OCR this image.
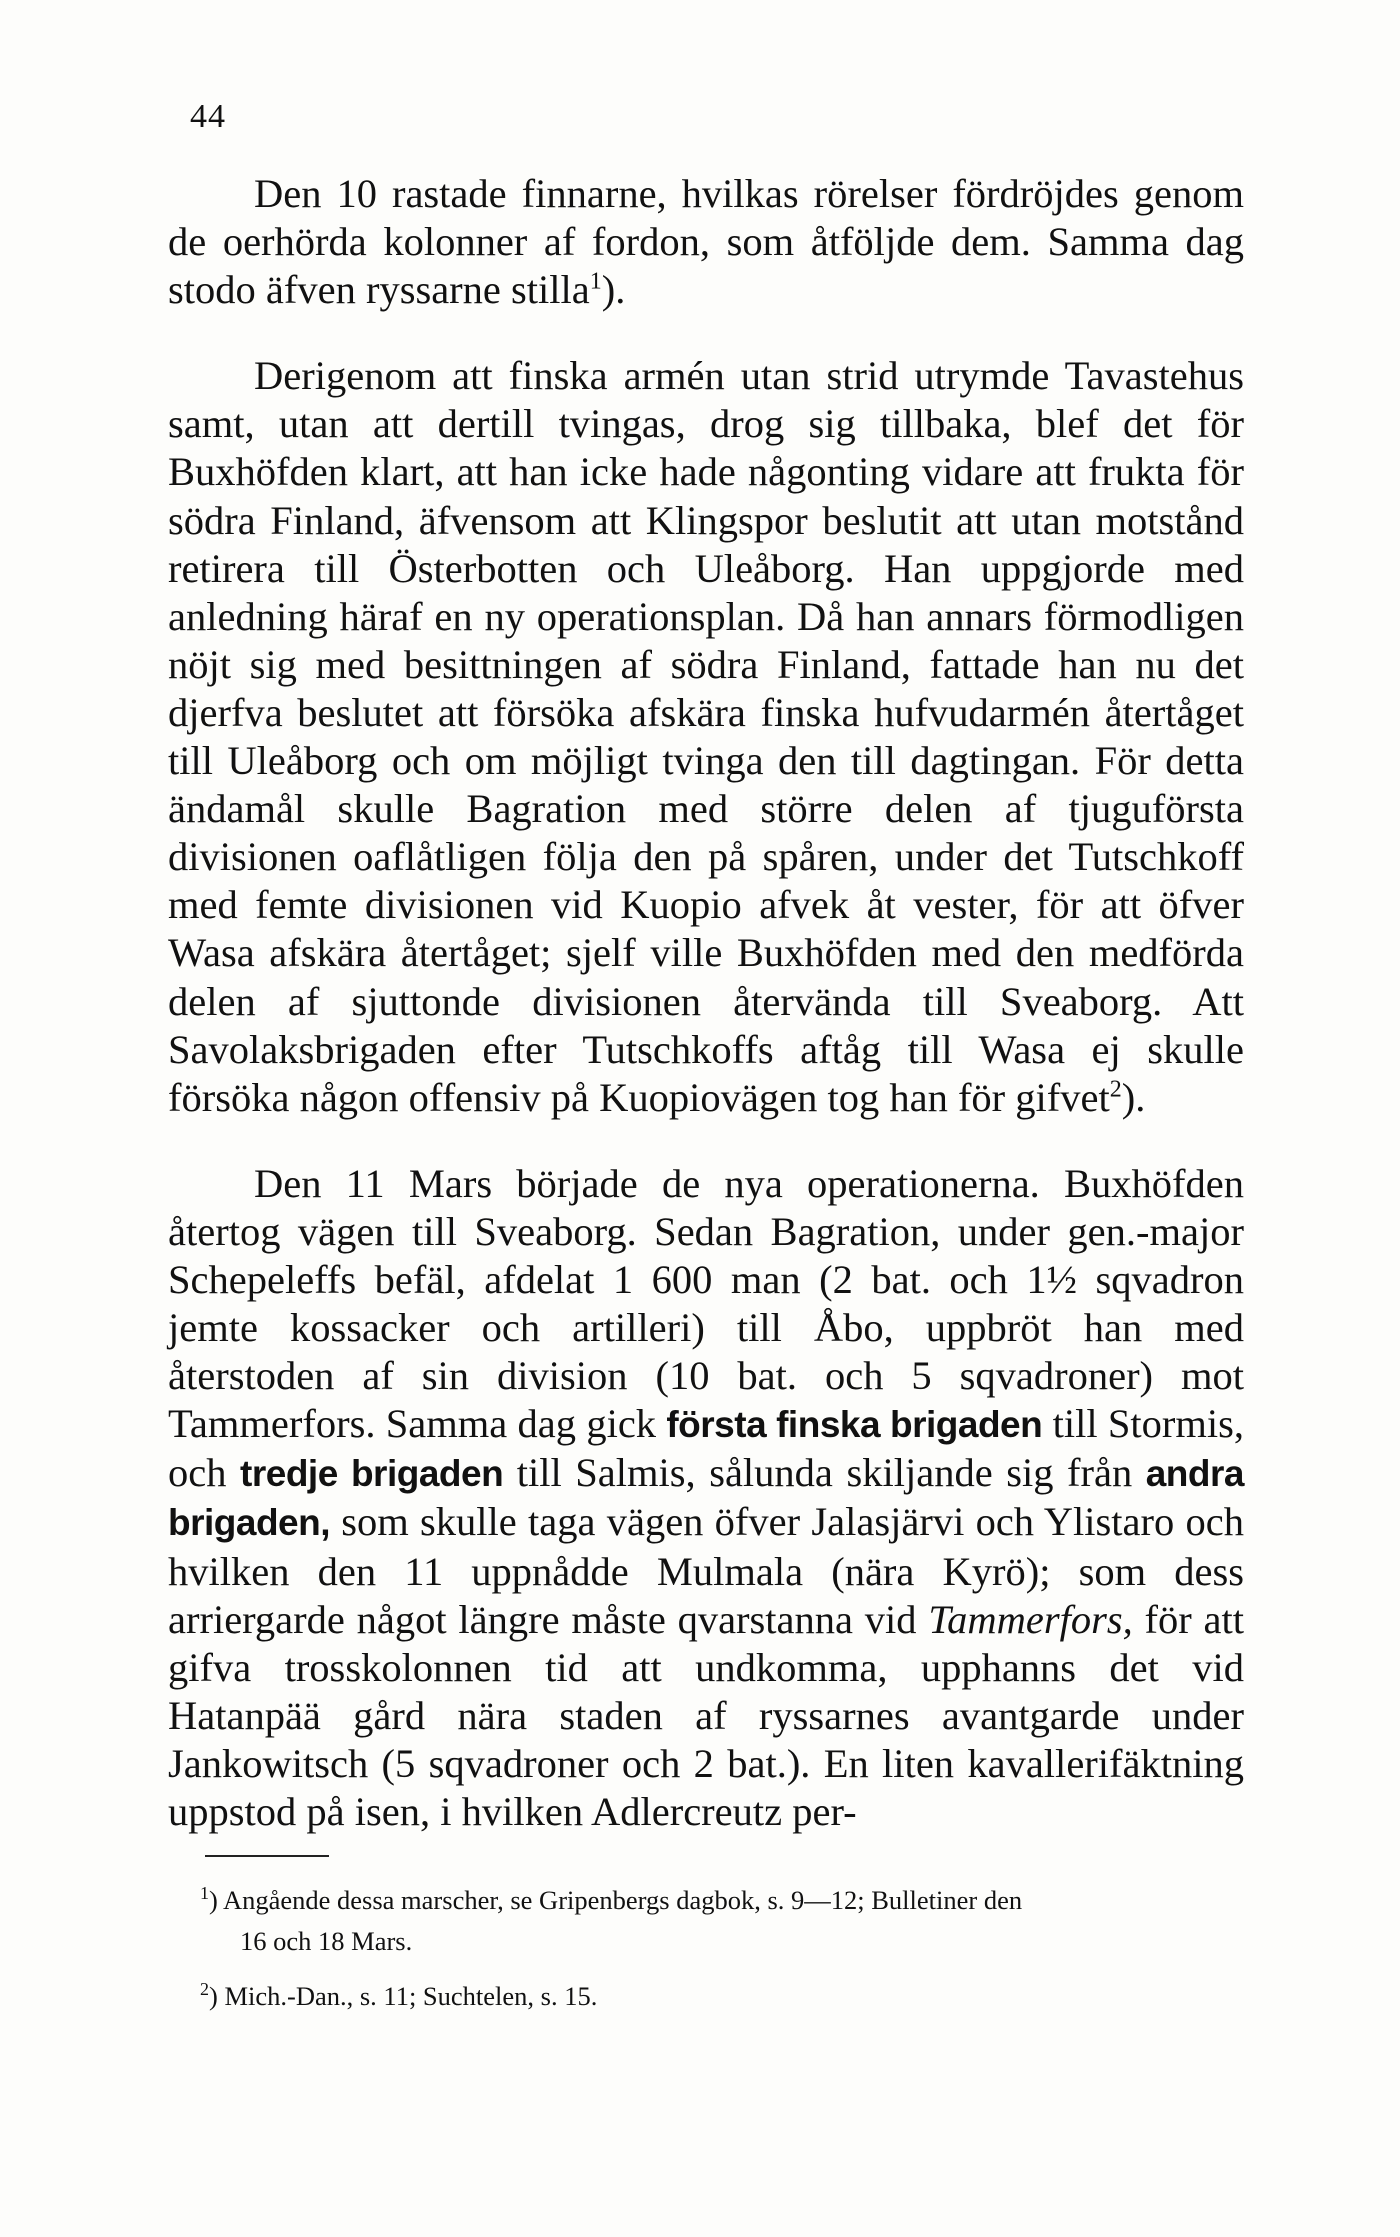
44

Den 10 rastade finnarne, hvilkas rörelser fördröjdes genom de oerhörda kolonner af fordon, som åtföljde dem. Samma dag stodo äfven ryssarne stilla$^1$).

Derigenom att finska armén utan strid utrymde Tavastehus samt, utan att dertill tvingas, drog sig tillbaka, blef det för Buxhöfden klart, att han icke hade någonting vidare att frukta för södra Finland, äfvensom att Klingspor beslutit att utan motstånd retirera till Österbotten och Uleåborg. Han uppgjorde med anledning häraf en ny operationsplan. Då han annars förmodligen nöjt sig med besittningen af södra Finland, fattade han nu det djerfva beslutet att försöka afskära finska hufvudarmén återtåget till Uleåborg och om möjligt tvinga den till dagtingan. För detta ändamål skulle Bagration med större delen af tjuguförsta divisionen oaflåtligen följa den på spåren, under det Tutschkoff med femte divisionen vid Kuopio afvek åt vester, för att öfver Wasa afskära återtåget; sjelf ville Buxhöfden med den medförda delen af sjuttonde divisionen återvända till Sveaborg. Att Savolaksbrigaden efter Tutschkoffs aftåg till Wasa ej skulle försöka någon offensiv på Kuopiovägen tog han för gifvet$^2$).

Den 11 Mars började de nya operationerna. Buxhöfden återtog vägen till Sveaborg. Sedan Bagration, under gen.-major Schepeleffs befäl, afdelat 1 600 man (2 bat. och 1½ sqvadron jemte kossacker och artilleri) till Åbo, uppbröt han med återstoden af sin division (10 bat. och 5 sqvadroner) mot Tammerfors. Samma dag gick första finska brigaden till Stormis, och tredje brigaden till Salmis, sålunda skiljande sig från andra brigaden, som skulle taga vägen öfver Jalasjärvi och Ylistaro och hvilken den 11 uppnådde Mulmala (nära Kyrö); som dess arriergarde något längre måste qvarstanna vid Tammerfors, för att gifva trosskolonnen tid att undkomma, upphanns det vid Hatanpää gård nära staden af ryssarnes avantgarde under Jankowitsch (5 sqvadroner och 2 bat.). En liten kavallerifäktning uppstod på isen, i hvilken Adlercreutz per-

$^1$) Angående dessa marscher, se Gripenbergs dagbok, s. 9—12; Bulletiner den
16 och 18 Mars.

$^2$) Mich.-Dan., s. 11; Suchtelen, s. 15.
